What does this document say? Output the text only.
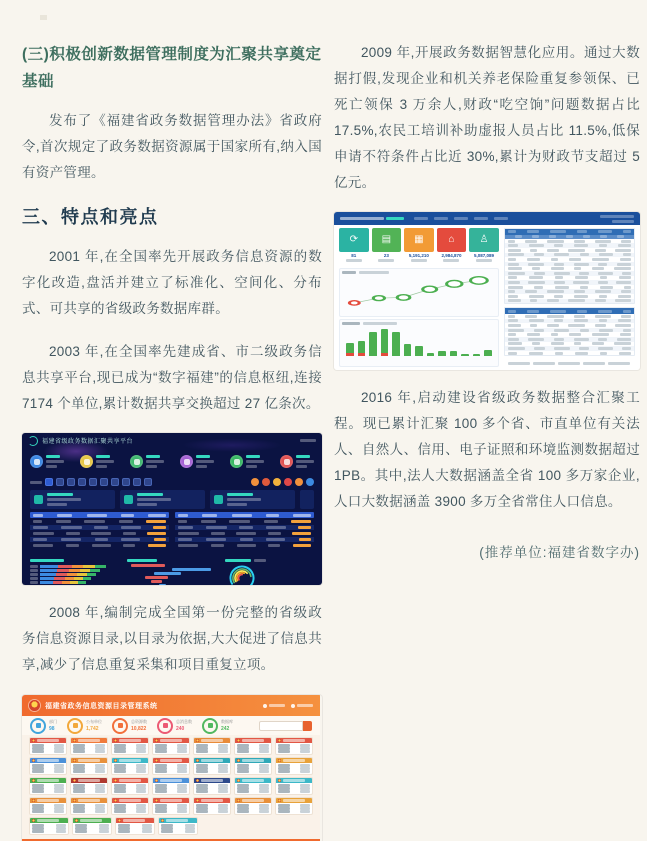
(三)积极创新数据管理制度为汇聚共享奠定基础

发布了《福建省政务数据管理办法》省政府令,首次规定了政务数据资源属于国家所有,纳入国有资产管理。

三、特点和亮点

2001 年,在全国率先开展政务信息资源的数字化改造,盘活并建立了标准化、空间化、分布式、可共享的省级政务数据库群。

2003 年,在全国率先建成省、市二级政务信息共享平台,现已成为“数字福建”的信息枢纽,连接 7174 个单位,累计数据共享交换超过 27 亿条次。

福建省级政务数据汇聚共享平台

2008 年,编制完成全国第一份完整的省级政务信息资源目录,以目录为依据,大大促进了信息共享,减少了信息重复采集和项目重复立项。

福建省政务信息资源目录管理系统
部门
98
公布单位
1,742
总资源数
10,822
总消息数
240
数据库
242

2009 年,开展政务数据智慧化应用。通过大数据打假,发现企业和机关养老保险重复参领保、已死亡领保 3 万余人,财政“吃空饷”问题数据占比 17.5%,农民工培训补助虚报人员占比 11.5%,低保申请不符条件占比近 30%,累计为财政节支超过 5 亿元。

⟳	▤	▦	⌂	♙
81	23	5,191,210	2,984,870	5,087,089

2016 年,启动建设省级政务数据整合汇聚工程。现已累计汇聚 100 多个省、市直单位有关法人、自然人、信用、电子证照和环境监测数据超过 1PB。其中,法人大数据涵盖全省 100 多万家企业,人口大数据涵盖 3900 多万全省常住人口信息。

(推荐单位:福建省数字办)
